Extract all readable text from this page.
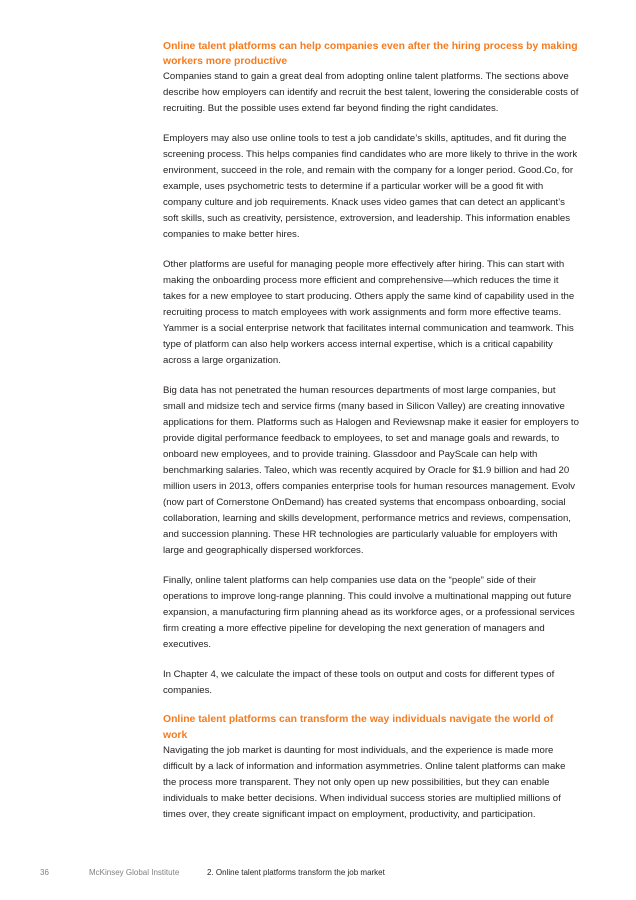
Online talent platforms can help companies even after the hiring process by making workers more productive

Companies stand to gain a great deal from adopting online talent platforms. The sections above describe how employers can identify and recruit the best talent, lowering the considerable costs of recruiting. But the possible uses extend far beyond finding the right candidates.

Employers may also use online tools to test a job candidate’s skills, aptitudes, and fit during the screening process. This helps companies find candidates who are more likely to thrive in the work environment, succeed in the role, and remain with the company for a longer period. Good.Co, for example, uses psychometric tests to determine if a particular worker will be a good fit with company culture and job requirements. Knack uses video games that can detect an applicant’s soft skills, such as creativity, persistence, extroversion, and leadership. This information enables companies to make better hires.

Other platforms are useful for managing people more effectively after hiring. This can start with making the onboarding process more efficient and comprehensive—which reduces the time it takes for a new employee to start producing. Others apply the same kind of capability used in the recruiting process to match employees with work assignments and form more effective teams. Yammer is a social enterprise network that facilitates internal communication and teamwork. This type of platform can also help workers access internal expertise, which is a critical capability across a large organization.

Big data has not penetrated the human resources departments of most large companies, but small and midsize tech and service firms (many based in Silicon Valley) are creating innovative applications for them. Platforms such as Halogen and Reviewsnap make it easier for employers to provide digital performance feedback to employees, to set and manage goals and rewards, to onboard new employees, and to provide training. Glassdoor and PayScale can help with benchmarking salaries. Taleo, which was recently acquired by Oracle for $1.9 billion and had 20 million users in 2013, offers companies enterprise tools for human resources management. Evolv (now part of Cornerstone OnDemand) has created systems that encompass onboarding, social collaboration, learning and skills development, performance metrics and reviews, compensation, and succession planning. These HR technologies are particularly valuable for employers with large and geographically dispersed workforces.

Finally, online talent platforms can help companies use data on the “people” side of their operations to improve long-range planning. This could involve a multinational mapping out future expansion, a manufacturing firm planning ahead as its workforce ages, or a professional services firm creating a more effective pipeline for developing the next generation of managers and executives.

In Chapter 4, we calculate the impact of these tools on output and costs for different types of companies.

Online talent platforms can transform the way individuals navigate the world of work

Navigating the job market is daunting for most individuals, and the experience is made more difficult by a lack of information and information asymmetries. Online talent platforms can make the process more transparent. They not only open up new possibilities, but they can enable individuals to make better decisions. When individual success stories are multiplied millions of times over, they create significant impact on employment, productivity, and participation.

36	McKinsey Global Institute	2. Online talent platforms transform the job market
